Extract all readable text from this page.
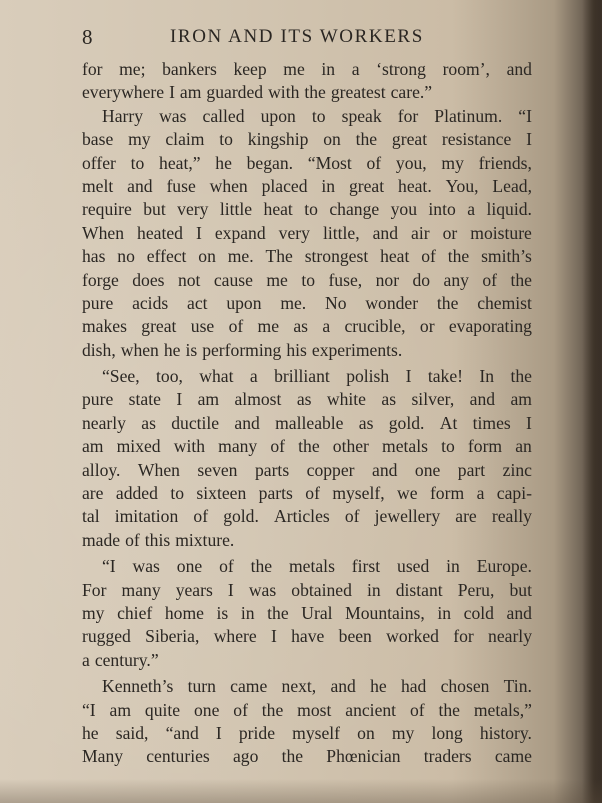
8	IRON AND ITS WORKERS
for me; bankers keep me in a ‘strong room’, and
everywhere I am guarded with the greatest care.”
Harry was called upon to speak for Platinum. “I
base my claim to kingship on the great resistance I
offer to heat,” he began. “Most of you, my friends,
melt and fuse when placed in great heat. You, Lead,
require but very little heat to change you into a liquid.
When heated I expand very little, and air or moisture
has no effect on me. The strongest heat of the smith’s
forge does not cause me to fuse, nor do any of the
pure acids act upon me. No wonder the chemist
makes great use of me as a crucible, or evaporating
dish, when he is performing his experiments.
“See, too, what a brilliant polish I take! In the
pure state I am almost as white as silver, and am
nearly as ductile and malleable as gold. At times I
am mixed with many of the other metals to form an
alloy. When seven parts copper and one part zinc
are added to sixteen parts of myself, we form a capi-
tal imitation of gold. Articles of jewellery are really
made of this mixture.
“I was one of the metals first used in Europe.
For many years I was obtained in distant Peru, but
my chief home is in the Ural Mountains, in cold and
rugged Siberia, where I have been worked for nearly
a century.”
Kenneth’s turn came next, and he had chosen Tin.
“I am quite one of the most ancient of the metals,”
he said, “and I pride myself on my long history.
Many centuries ago the Phœnician traders came
